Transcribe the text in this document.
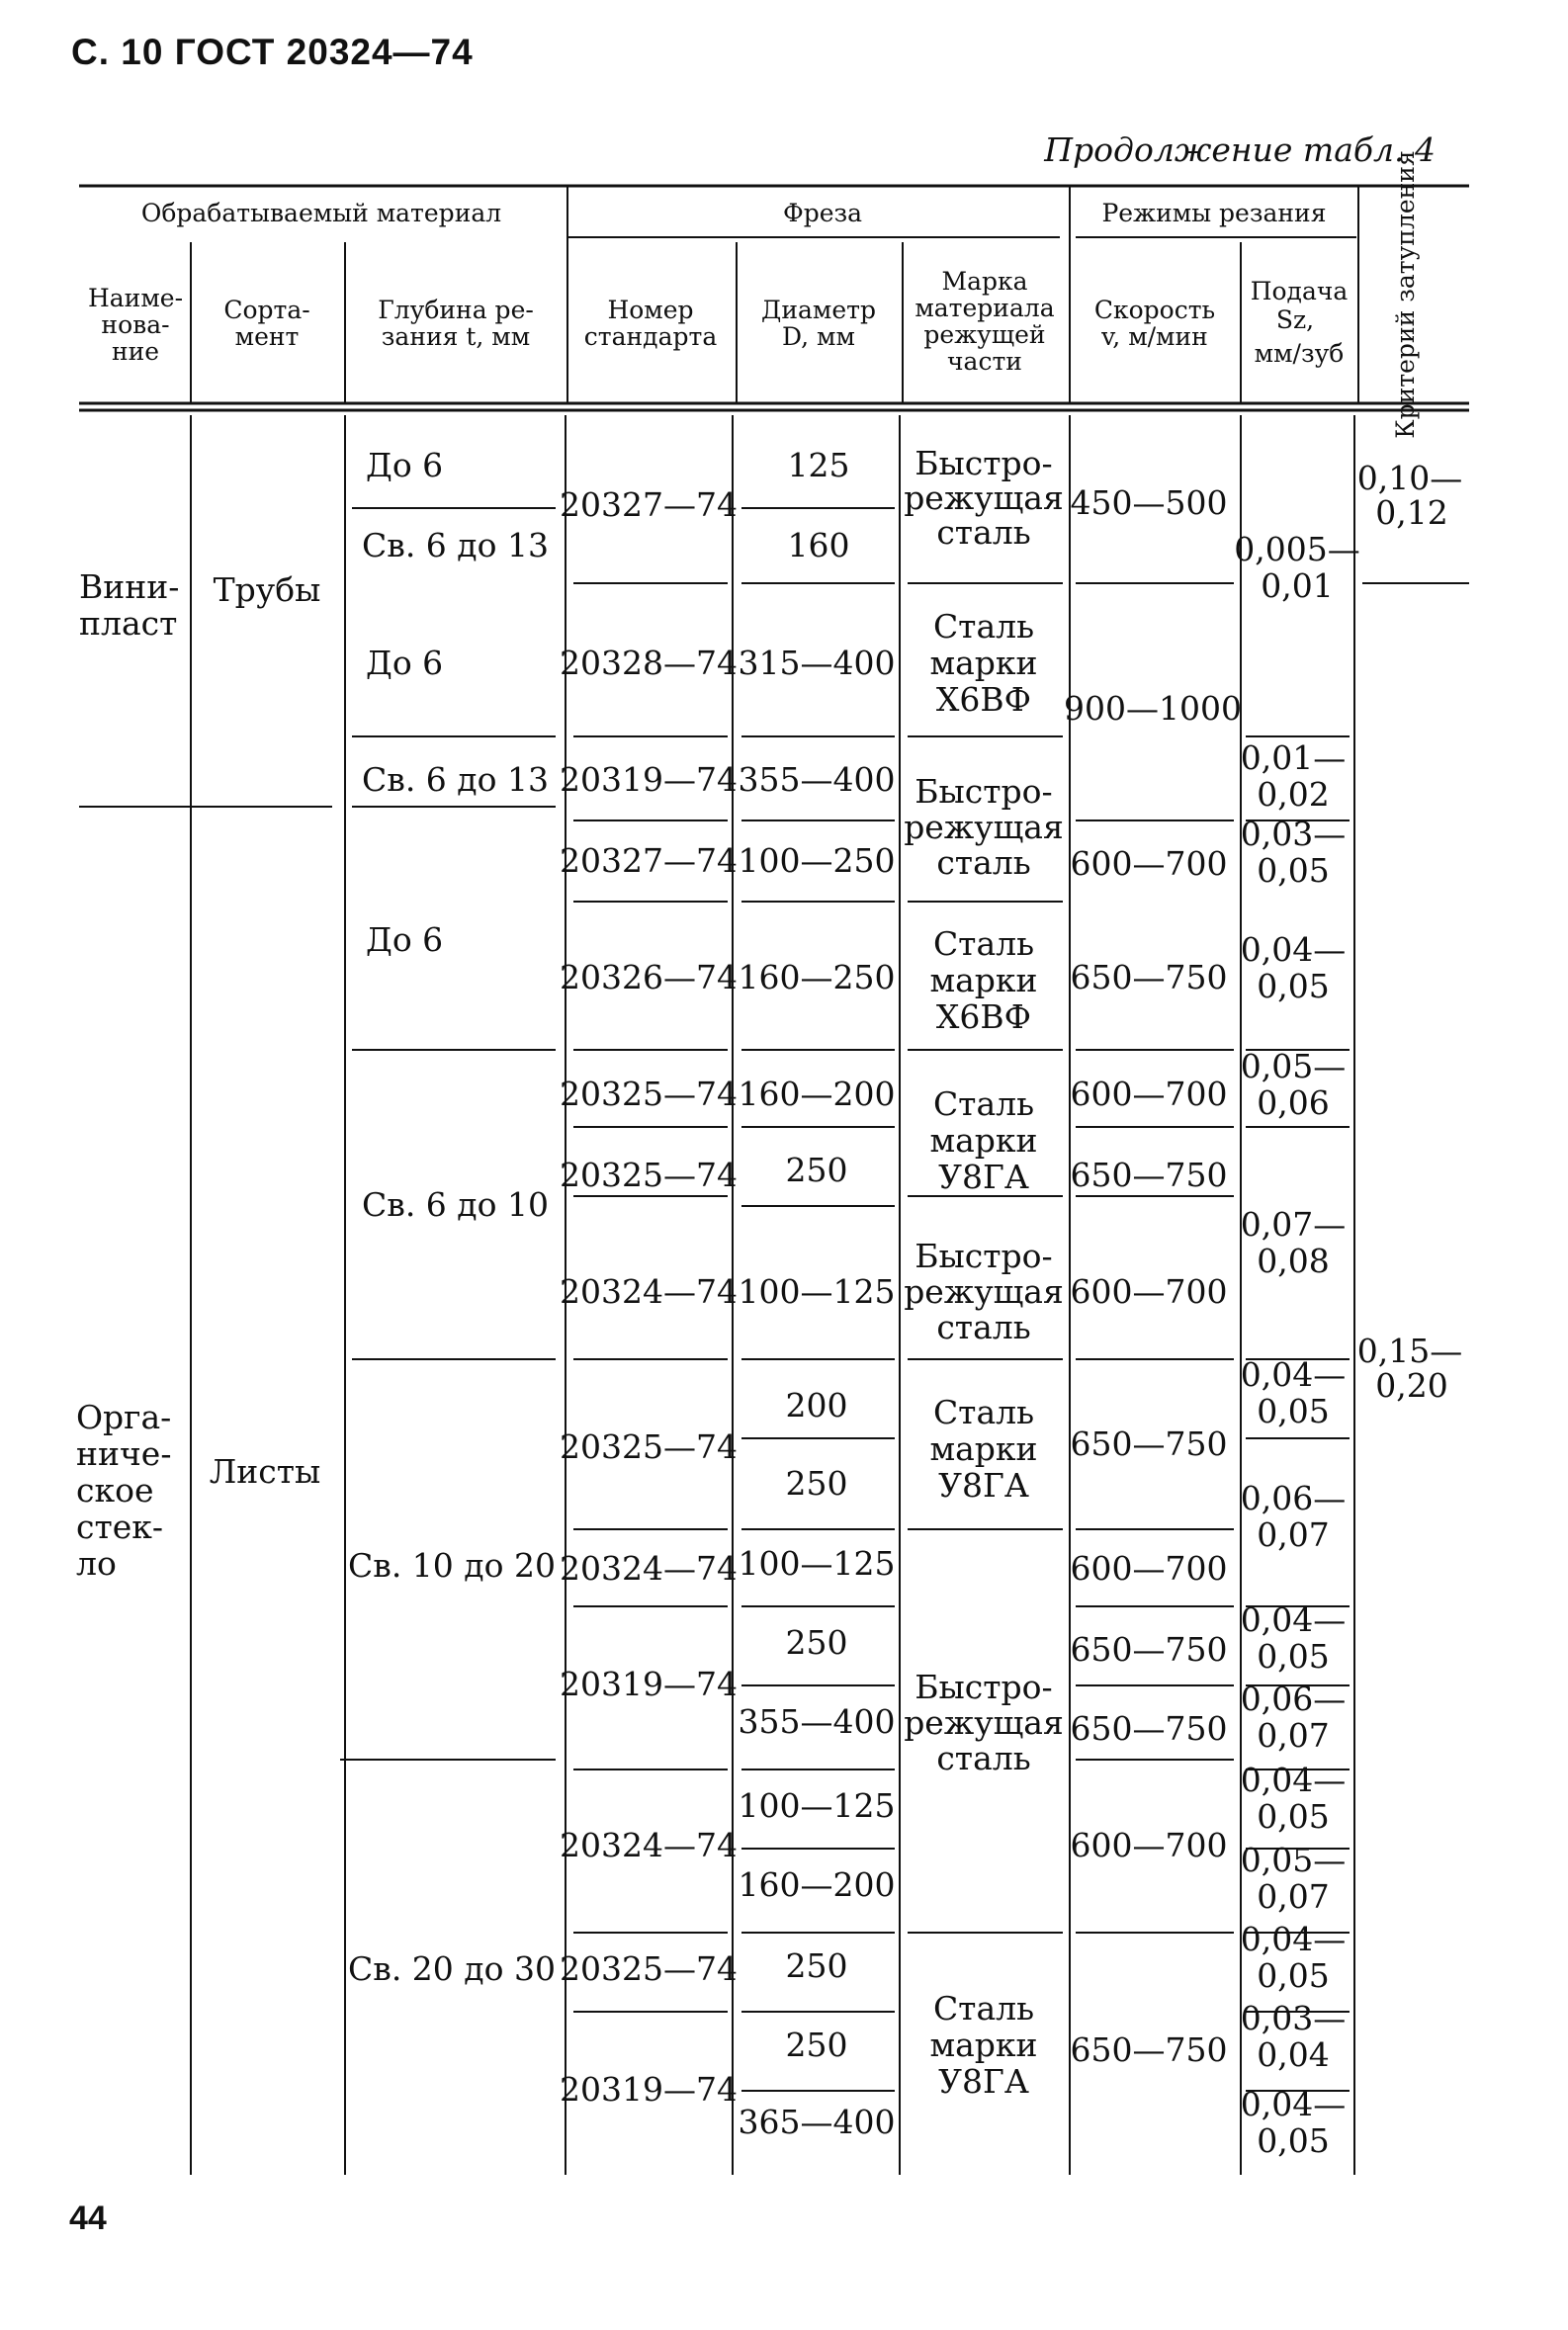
С. 10 ГОСТ 20324—74
Продолжение табл. 4
44
Обрабатываемый материал	Фреза	Режимы резания
Наиме-
нова-
ние
Сорта-
мент
Глубина ре-
зания t, мм
Номер
стандарта
Диаметр
D, мм
Марка
материала
режущей
части
Скорость
v, м/мин
Подача
Sz,
мм/зуб Критерий затупления
Вини-
пласт
Трубы
Орга-
ниче-
ское
стек-
ло
Листы
До 6
Св. 6 до 13
До 6
Св. 6 до 13
До 6
Св. 6 до 10
Св. 10 до 20
Св. 20 до 30
20327—74
20328—74
20319—74
20327—74
20326—74
20325—74
20325—74
20324—74
20325—74
20324—74
20319—74
20324—74
20325—74
20319—74
125
160
315—400
355—400
100—250
160—250
160—200
250
100—125
200
250
100—125
250
355—400
100—125
160—200
250
250
365—400
Быстро-
режущая
сталь
Сталь
марки
Х6ВФ
Быстро-
режущая
сталь
Сталь
марки
Х6ВФ
Сталь
марки
У8ГА
Быстро-
режущая
сталь
Сталь
марки
У8ГА
Быстро-
режущая
сталь
Сталь
марки
У8ГА
450—500
900—1000
600—700
650—750
600—700
650—750
600—700
650—750
600—700
650—750
650—750
600—700
650—750
0,005—
0,01
0,01—
0,02
0,03—
0,05
0,04—
0,05
0,05—
0,06
0,07—
0,08
0,04—
0,05
0,06—
0,07
0,04—
0,05
0,06—
0,07
0,04—
0,05
0,05—
0,07
0,04—
0,05
0,03—
0,04
0,04—
0,05
0,10—
0,12
0,15—
0,20
